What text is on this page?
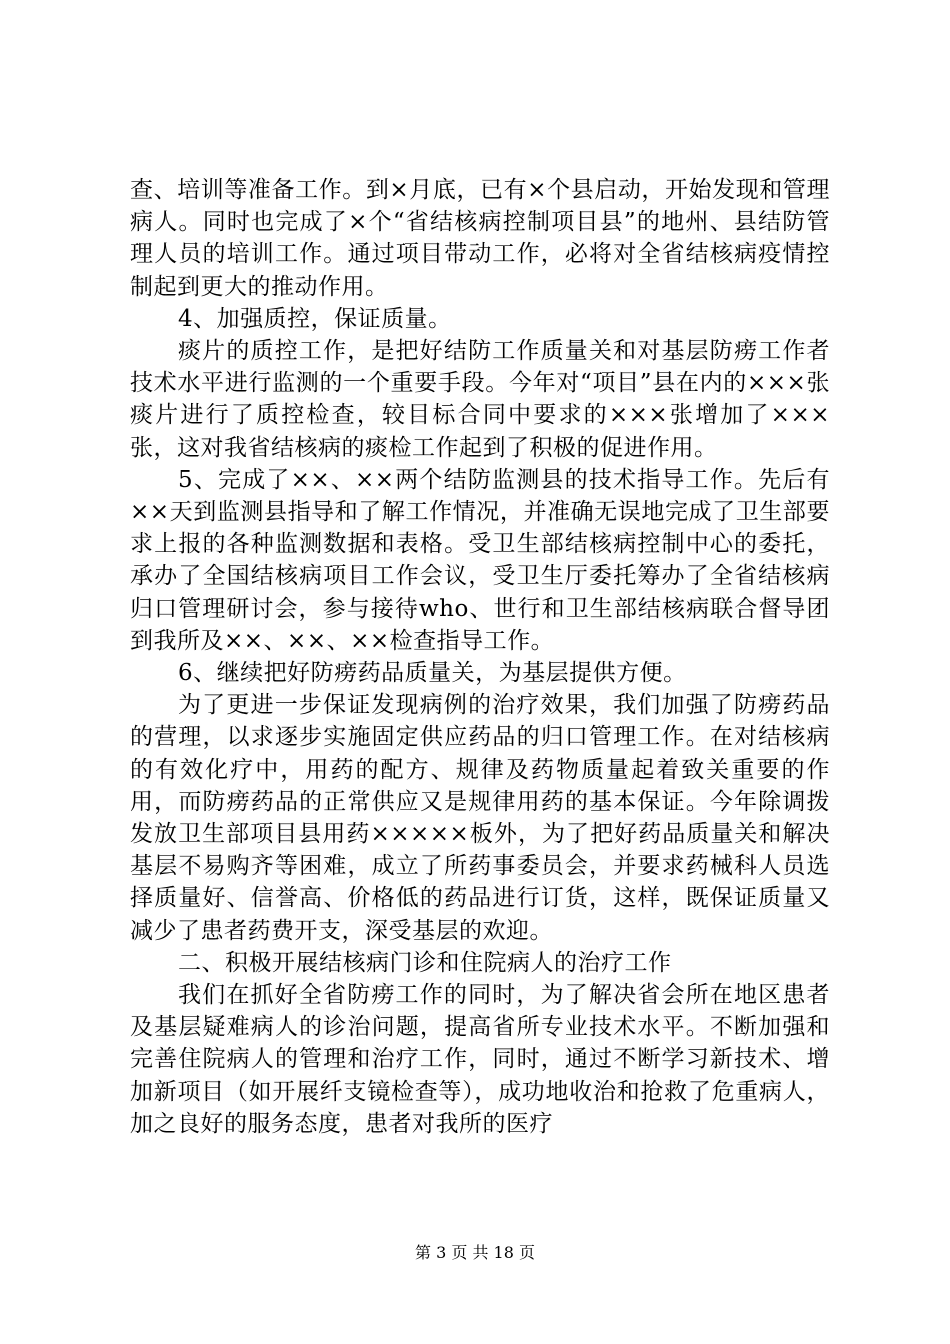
查、培训等准备工作。到×月底，已有×个县启动，开始发现和管理病人。同时也完成了×个“省结核病控制项目县”的地州、县结防管理人员的培训工作。通过项目带动工作，必将对全省结核病疫情控制起到更大的推动作用。

4、加强质控，保证质量。

痰片的质控工作，是把好结防工作质量关和对基层防痨工作者技术水平进行监测的一个重要手段。今年对“项目”县在内的×××张痰片进行了质控检查，较目标合同中要求的×××张增加了×××张，这对我省结核病的痰检工作起到了积极的促进作用。

5、完成了××、××两个结防监测县的技术指导工作。先后有××天到监测县指导和了解工作情况，并准确无误地完成了卫生部要求上报的各种监测数据和表格。受卫生部结核病控制中心的委托，承办了全国结核病项目工作会议，受卫生厅委托筹办了全省结核病归口管理研讨会，参与接待who、世行和卫生部结核病联合督导团到我所及××、××、××检查指导工作。

6、继续把好防痨药品质量关，为基层提供方便。

为了更进一步保证发现病例的治疗效果，我们加强了防痨药品的营理，以求逐步实施固定供应药品的归口管理工作。在对结核病的有效化疗中，用药的配方、规律及药物质量起着致关重要的作用，而防痨药品的正常供应又是规律用药的基本保证。今年除调拨发放卫生部项目县用药×××××板外，为了把好药品质量关和解决基层不易购齐等困难，成立了所药事委员会，并要求药械科人员选择质量好、信誉高、价格低的药品进行订货，这样，既保证质量又减少了患者药费开支，深受基层的欢迎。

二、积极开展结核病门诊和住院病人的治疗工作

我们在抓好全省防痨工作的同时，为了解决省会所在地区患者及基层疑难病人的诊治问题，提高省所专业技术水平。不断加强和完善住院病人的管理和治疗工作，同时，通过不断学习新技术、增加新项目（如开展纤支镜检查等），成功地收治和抢救了危重病人，加之良好的服务态度，患者对我所的医疗

第 3 页 共 18 页
